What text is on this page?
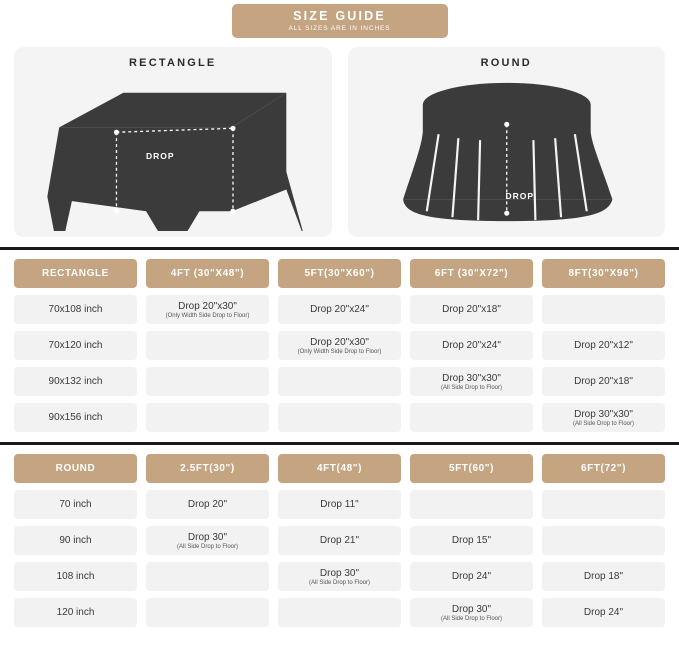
SIZE GUIDE
ALL SIZES ARE IN INCHES
RECTANGLE
DROP
ROUND
DROP
RECTANGLE
70x108 inch
70x120 inch
90x132 inch
90x156 inch
4FT (30"X48")
Drop 20"x30"
(Only Width Side Drop to Floor)
5FT(30"X60")
Drop 20"x24"
Drop 20"x30"
(Only Width Side Drop to Floor)
6FT (30"X72")
Drop 20"x18"
Drop 20"x24"
Drop 30"x30"
(All Side Drop to Floor)
8FT(30"X96")
Drop 20"x12"
Drop 20"x18"
Drop 30"x30"
(All Side Drop to Floor)
ROUND
70 inch
90 inch
108 inch
120 inch
2.5FT(30")
Drop 20"
Drop 30"
(All Side Drop to Floor)
4FT(48")
Drop 11"
Drop 21"
Drop 30"
(All Side Drop to Floor)
5FT(60")
Drop 15"
Drop 24"
Drop 30"
(All Side Drop to Floor)
6FT(72")
Drop 18"
Drop 24"
